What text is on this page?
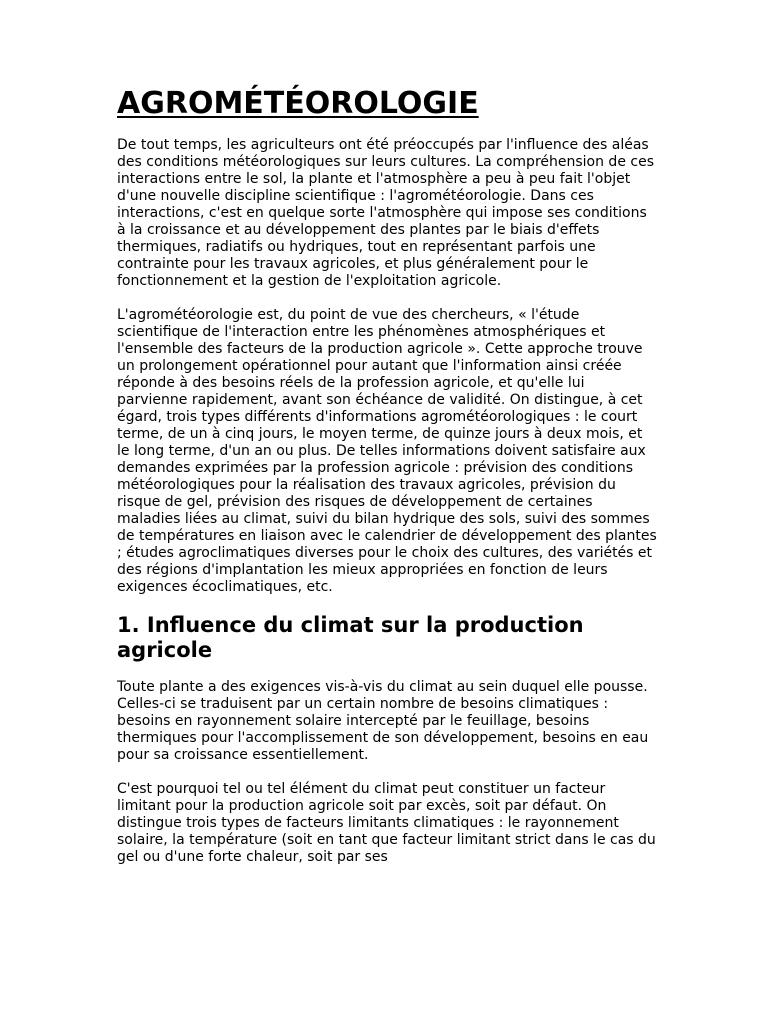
AGROMÉTÉOROLOGIE

De tout temps, les agriculteurs ont été préoccupés par l'influence des aléas des conditions météorologiques sur leurs cultures. La compréhension de ces interactions entre le sol, la plante et l'atmosphère a peu à peu fait l'objet d'une nouvelle discipline scientifique : l'agrométéorologie. Dans ces interactions, c'est en quelque sorte l'atmosphère qui impose ses conditions à la croissance et au développement des plantes par le biais d'effets thermiques, radiatifs ou hydriques, tout en représentant parfois une contrainte pour les travaux agricoles, et plus généralement pour le fonctionnement et la gestion de l'exploitation agricole.

L'agrométéorologie est, du point de vue des chercheurs, « l'étude scientifique de l'interaction entre les phénomènes atmosphériques et l'ensemble des facteurs de la production agricole ». Cette approche trouve un prolongement opérationnel pour autant que l'information ainsi créée réponde à des besoins réels de la profession agricole, et qu'elle lui parvienne rapidement, avant son échéance de validité. On distingue, à cet égard, trois types différents d'informations agrométéorologiques : le court terme, de un à cinq jours, le moyen terme, de quinze jours à deux mois, et le long terme, d'un an ou plus. De telles informations doivent satisfaire aux demandes exprimées par la profession agricole : prévision des conditions météorologiques pour la réalisation des travaux agricoles, prévision du risque de gel, prévision des risques de développement de certaines maladies liées au climat, suivi du bilan hydrique des sols, suivi des sommes de températures en liaison avec le calendrier de développement des plantes ; études agroclimatiques diverses pour le choix des cultures, des variétés et des régions d'implantation les mieux appropriées en fonction de leurs exigences écoclimatiques, etc.

1. Influence du climat sur la production agricole

Toute plante a des exigences vis-à-vis du climat au sein duquel elle pousse. Celles-ci se traduisent par un certain nombre de besoins climatiques : besoins en rayonnement solaire intercepté par le feuillage, besoins thermiques pour l'accomplissement de son développement, besoins en eau pour sa croissance essentiellement.

C'est pourquoi tel ou tel élément du climat peut constituer un facteur limitant pour la production agricole soit par excès, soit par défaut. On distingue trois types de facteurs limitants climatiques : le rayonnement solaire, la température (soit en tant que facteur limitant strict dans le cas du gel ou d'une forte chaleur, soit par ses
